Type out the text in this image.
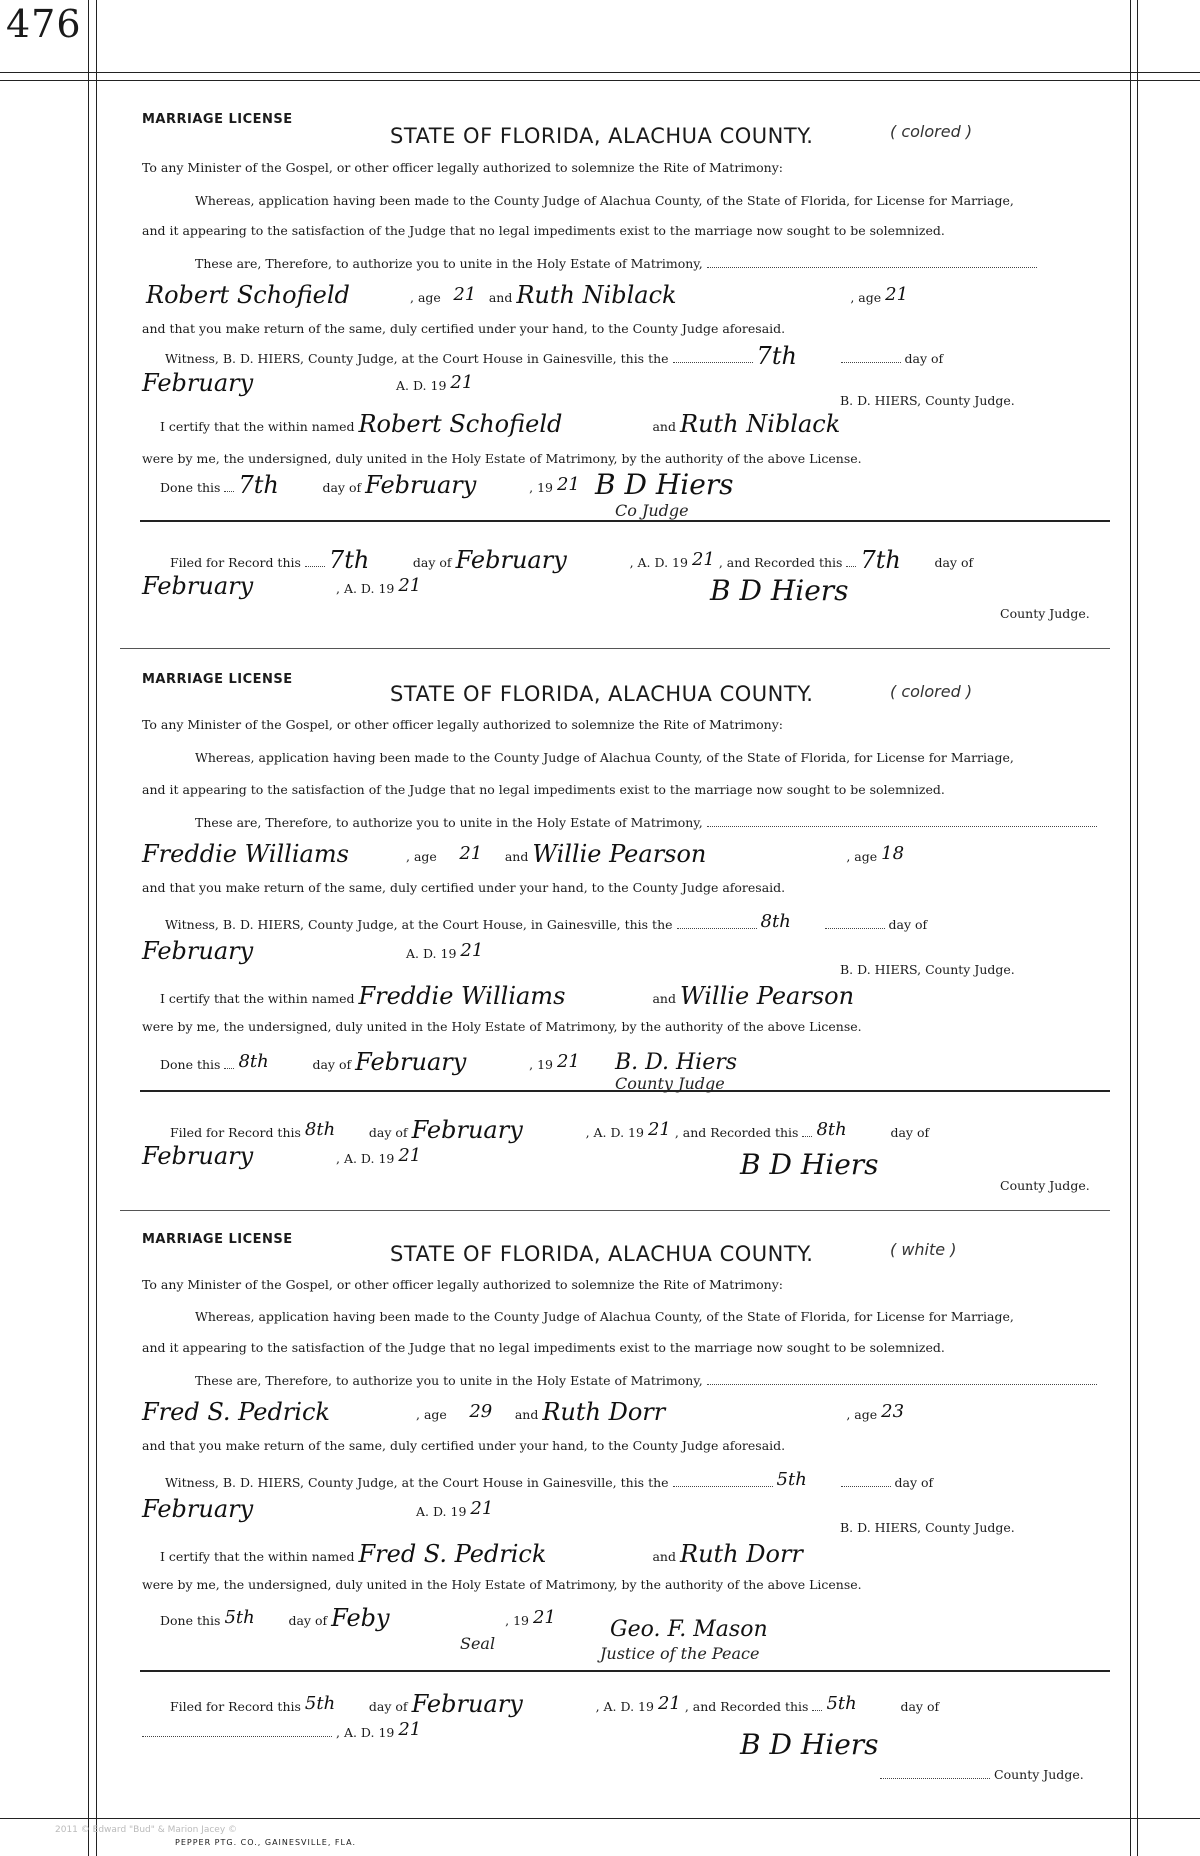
476
MARRIAGE LICENSE
STATE OF FLORIDA, ALACHUA COUNTY.	( colored )
To any Minister of the Gospel, or other officer legally authorized to solemnize the Rite of Matrimony:
Whereas, application having been made to the County Judge of Alachua County, of the State of Florida, for License for Marriage,
and it appearing to the satisfaction of the Judge that no legal impediments exist to the marriage now sought to be solemnized.
These are, Therefore, to authorize you to unite in the Holy Estate of Matrimony,
Robert Schofield	, age 21	and Ruth Niblack	, age 21
and that you make return of the same, duly certified under your hand, to the County Judge aforesaid.
Witness, B. D. HIERS, County Judge, at the Court House in Gainesville, this the	7th	day of
February	A. D. 19 21
B. D. HIERS, County Judge.
I certify that the within named Robert Schofield	and Ruth Niblack
were by me, the undersigned, duly united in the Holy Estate of Matrimony, by the authority of the above License.
Done this 7th	day of February	, 19 21 B D Hiers
Co Judge
Filed for Record this 7th	day of February	, A. D. 19 21 , and Recorded this 7th	day of
February	, A. D. 19 21	B D Hiers
County Judge.
MARRIAGE LICENSE
STATE OF FLORIDA, ALACHUA COUNTY.	( colored )
To any Minister of the Gospel, or other officer legally authorized to solemnize the Rite of Matrimony:
Whereas, application having been made to the County Judge of Alachua County, of the State of Florida, for License for Marriage,
and it appearing to the satisfaction of the Judge that no legal impediments exist to the marriage now sought to be solemnized.
These are, Therefore, to authorize you to unite in the Holy Estate of Matrimony,
Freddie Williams	, age	21	and Willie Pearson	, age 18
and that you make return of the same, duly certified under your hand, to the County Judge aforesaid.
Witness, B. D. HIERS, County Judge, at the Court House, in Gainesville, this the	8th	day of
February	A. D. 19 21
B. D. HIERS, County Judge.
I certify that the within named Freddie Williams	and Willie Pearson
were by me, the undersigned, duly united in the Holy Estate of Matrimony, by the authority of the above License.
Done this 8th	day of February	, 19 21 B. D. Hiers
County Judge
Filed for Record this 8th	day of February	, A. D. 19 21 , and Recorded this 8th	day of
February	, A. D. 19 21	B D Hiers
County Judge.
MARRIAGE LICENSE
STATE OF FLORIDA, ALACHUA COUNTY.	( white )
To any Minister of the Gospel, or other officer legally authorized to solemnize the Rite of Matrimony:
Whereas, application having been made to the County Judge of Alachua County, of the State of Florida, for License for Marriage,
and it appearing to the satisfaction of the Judge that no legal impediments exist to the marriage now sought to be solemnized.
These are, Therefore, to authorize you to unite in the Holy Estate of Matrimony,
Fred S. Pedrick	, age	29	and Ruth Dorr	, age 23
and that you make return of the same, duly certified under your hand, to the County Judge aforesaid.
Witness, B. D. HIERS, County Judge, at the Court House in Gainesville, this the	5th	day of
February	A. D. 19 21
B. D. HIERS, County Judge.
I certify that the within named Fred S. Pedrick	and Ruth Dorr
were by me, the undersigned, duly united in the Holy Estate of Matrimony, by the authority of the above License.
Done this 5th	day of Feby	, 19 21
Seal
Geo. F. Mason
Justice of the Peace
Filed for Record this 5th	day of February	, A. D. 19 21 , and Recorded this 5th	day of
, A. D. 19 21	B D Hiers
County Judge.
2011 © Edward "Bud" & Marion Jacey ©
PEPPER PTG. CO., GAINESVILLE, FLA.
